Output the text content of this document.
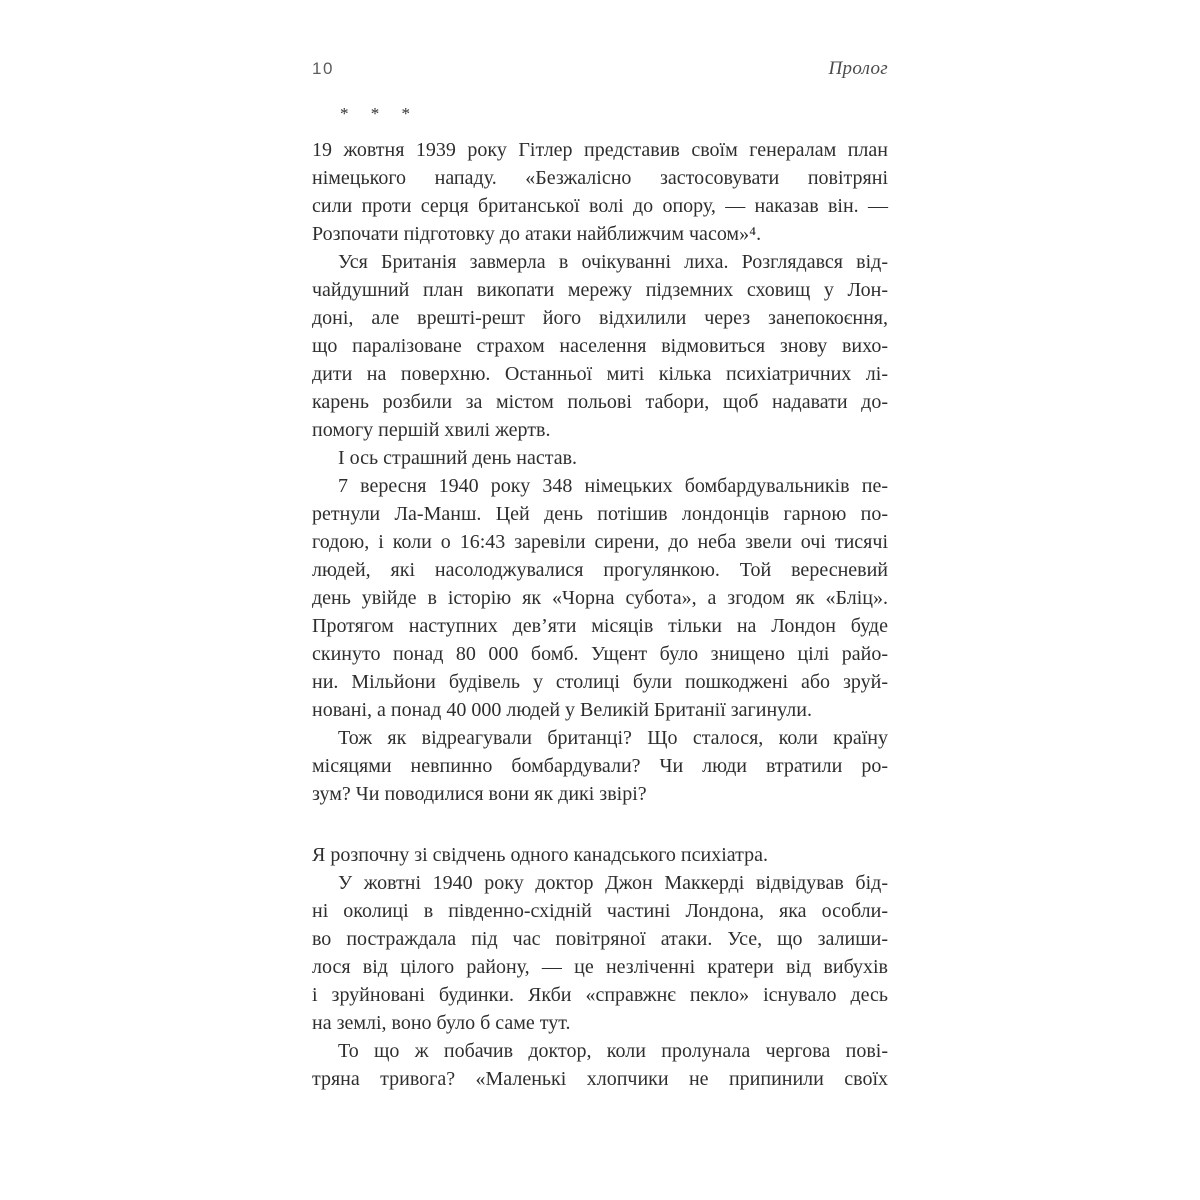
10	Пролог
* * *
19 жовтня 1939 року Гітлер представив своїм генералам план
німецького нападу. «Безжалісно застосовувати повітряні
сили проти серця британської волі до опору, — наказав він. —
Розпочати підготовку до атаки найближчим часом»⁴.
Уся Британія завмерла в очікуванні лиха. Розглядався від-
чайдушний план викопати мережу підземних сховищ у Лон-
доні, але врешті-решт його відхилили через занепокоєння,
що паралізоване страхом населення відмовиться знову вихо-
дити на поверхню. Останньої миті кілька психіатричних лі-
карень розбили за містом польові табори, щоб надавати до-
помогу першій хвилі жертв.
І ось страшний день настав.
7 вересня 1940 року 348 німецьких бомбардувальників пе-
ретнули Ла-Манш. Цей день потішив лондонців гарною по-
годою, і коли о 16:43 заревіли сирени, до неба звели очі тисячі
людей, які насолоджувалися прогулянкою. Той вересневий
день увійде в історію як «Чорна субота», а згодом як «Бліц».
Протягом наступних дев’яти місяців тільки на Лондон буде
скинуто понад 80 000 бомб. Ущент було знищено цілі райо-
ни. Мільйони будівель у столиці були пошкоджені або зруй-
новані, а понад 40 000 людей у Великій Британії загинули.
Тож як відреагували британці? Що сталося, коли країну
місяцями невпинно бомбардували? Чи люди втратили ро-
зум? Чи поводилися вони як дикі звірі?
Я розпочну зі свідчень одного канадського психіатра.
У жовтні 1940 року доктор Джон Маккерді відвідував бід-
ні околиці в південно-східній частині Лондона, яка особли-
во постраждала під час повітряної атаки. Усе, що залиши-
лося від цілого району, — це незліченні кратери від вибухів
і зруйновані будинки. Якби «справжнє пекло» існувало десь
на землі, воно було б саме тут.
То що ж побачив доктор, коли пролунала чергова пові-
тряна тривога? «Маленькі хлопчики не припинили своїх
